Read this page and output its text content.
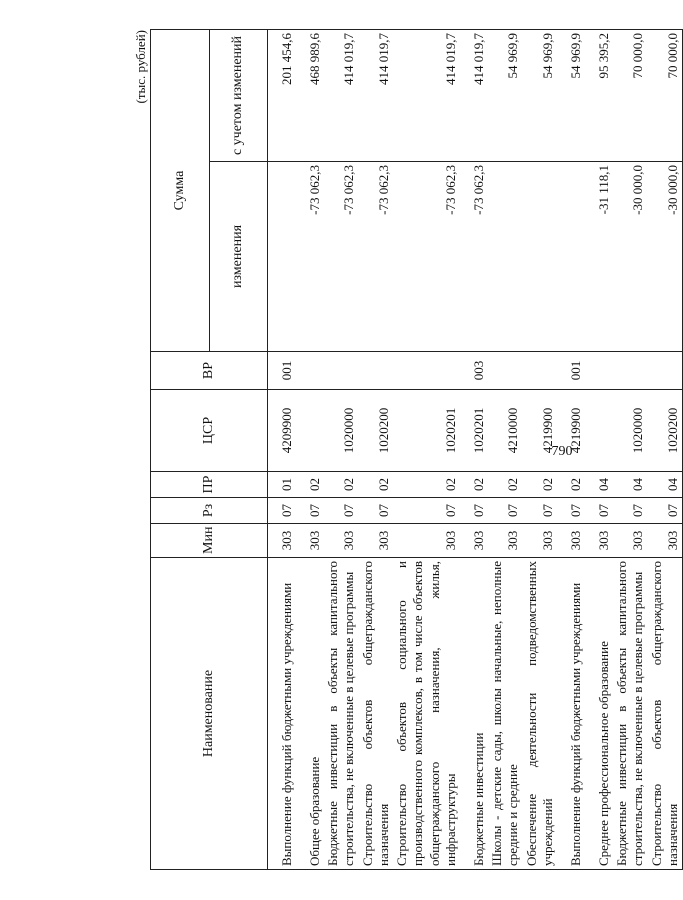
790
(тыс. рублей)
Наименование	Мин	Рз	ПР	ЦСР	ВР	Сумма	
						изменения	с учетом изменений
Выполнение функций бюджетными учреждениями	303	07	01	4209900	001		201 454,6
Общее образование	303	07	02			-73 062,3	468 989,6
Бюджетные инвестиции в объекты капитального строительства, не включенные в целевые программы	303	07	02	1020000		-73 062,3	414 019,7
Строительство объектов общегражданского назначения	303	07	02	1020200		-73 062,3	414 019,7
Строительство объектов социального и производственного комплексов, в том числе объектов общегражданского назначения, жилья, инфраструктуры	303	07	02	1020201		-73 062,3	414 019,7
Бюджетные инвестиции	303	07	02	1020201	003	-73 062,3	414 019,7
Школы - детские сады, школы начальные, неполные средние и средние	303	07	02	4210000			54 969,9
Обеспечение деятельности подведомственных учреждений	303	07	02	4219900			54 969,9
Выполнение функций бюджетными учреждениями	303	07	02	4219900	001		54 969,9
Среднее профессиональное образование	303	07	04			-31 118,1	95 395,2
Бюджетные инвестиции в объекты капитального строительства, не включенные в целевые программы	303	07	04	1020000		-30 000,0	70 000,0
Строительство объектов общегражданского назначения	303	07	04	1020200		-30 000,0	70 000,0
